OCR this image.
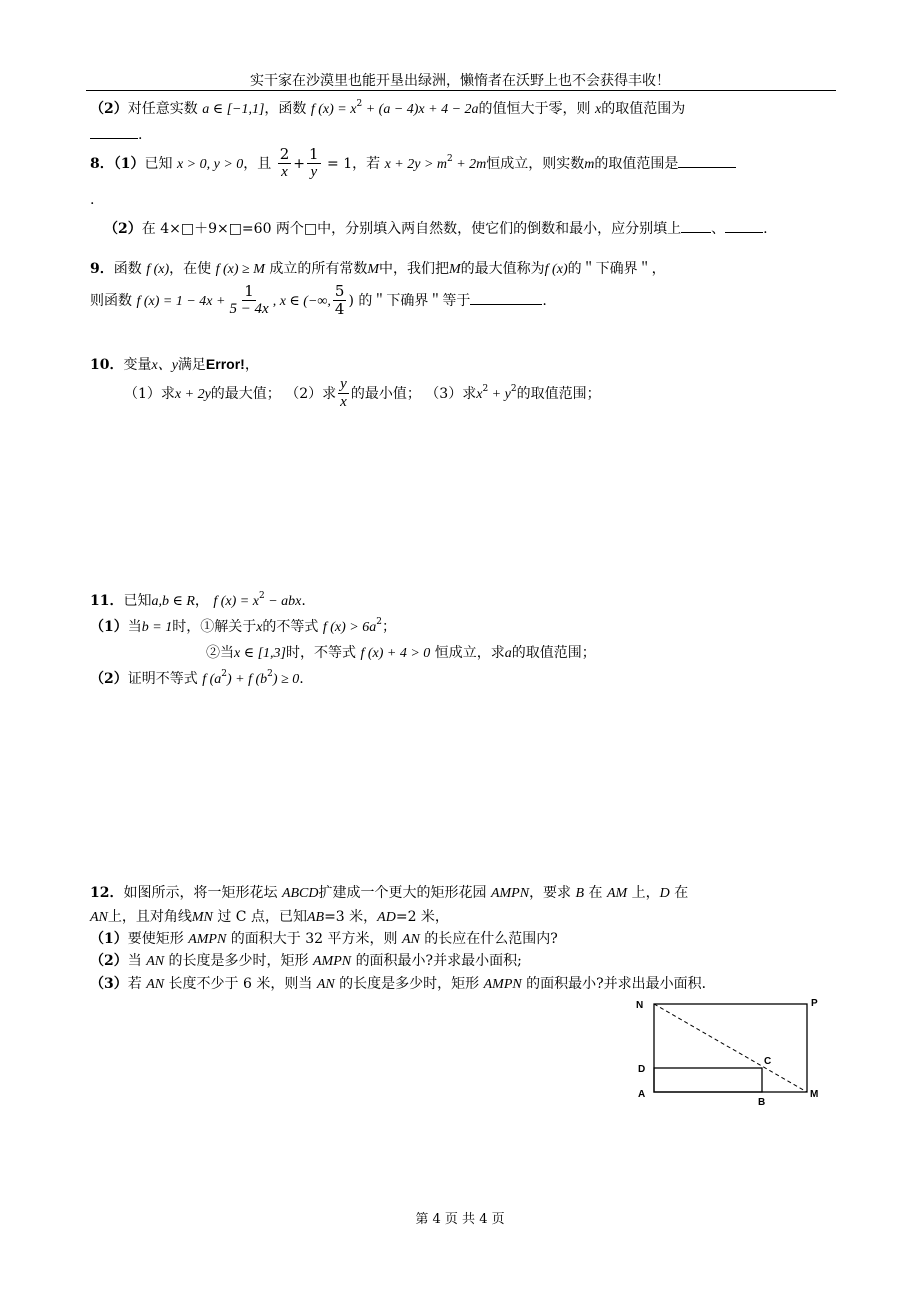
实干家在沙漠里也能开垦出绿洲，懒惰者在沃野上也不会获得丰收！
（2）对任意实数 a ∈ [−1,1]，函数 f $(x) = x^2 + (a - 4)x + 4 - 2a$的值恒大于零，则 x的取值范围为
.
8．（1）已知 x > 0, y > 0，且 $\frac{2}{x} + \frac{1}{y} = 1$，若 $x + 2y > m^2 + 2m$恒成立，则实数m的取值范围是
.
（2）在 4×□＋9×□=60 两个□中，分别填入两自然数，使它们的倒数和最小，应分别填上 、	.
9．函数 f (x)，在使 f (x) ≥ M 成立的所有常数M中，我们把M的最大值称为f (x)的＂下确界＂，
则函数 f $(x) = 1 - 4x + \frac{1}{5 - 4x}$ , x ∈ (−∞, $\frac{5}{4}$ ) 的＂下确界＂等于	.
10．变量x、y满足Error!，
（1）求x + 2y的最大值； （2）求 $\frac{y}{x}$ 的最小值； （3）求$x^2 + y^2$的取值范围；
11．已知a,b ∈ R， f $(x) = x^2$ − abx.
（1）当b = 1时，①解关于x的不等式 f $(x) > 6a^2$；
②当x ∈ [1,3]时，不等式 f (x) + 4 > 0 恒成立，求a的取值范围；
（2）证明不等式 f $(a^2) + f$ $(b^2) \ge 0$.
12．如图所示，将一矩形花坛 ABCD扩建成一个更大的矩形花园 AMPN，要求 B 在 AM 上，D 在
AN上，且对角线MN 过 C 点，已知AB=3 米，AD=2 米，
（1）要使矩形 AMPN 的面积大于 32 平方米，则 AN 的长应在什么范围内?
（2）当 AN 的长度是多少时，矩形 AMPN 的面积最小?并求最小面积;
（3）若 AN 长度不少于 6 米，则当 AN 的长度是多少时，矩形 AMPN 的面积最小?并求出最小面积．
N	P
D
C
A
B
M
第 4 页 共 4 页
